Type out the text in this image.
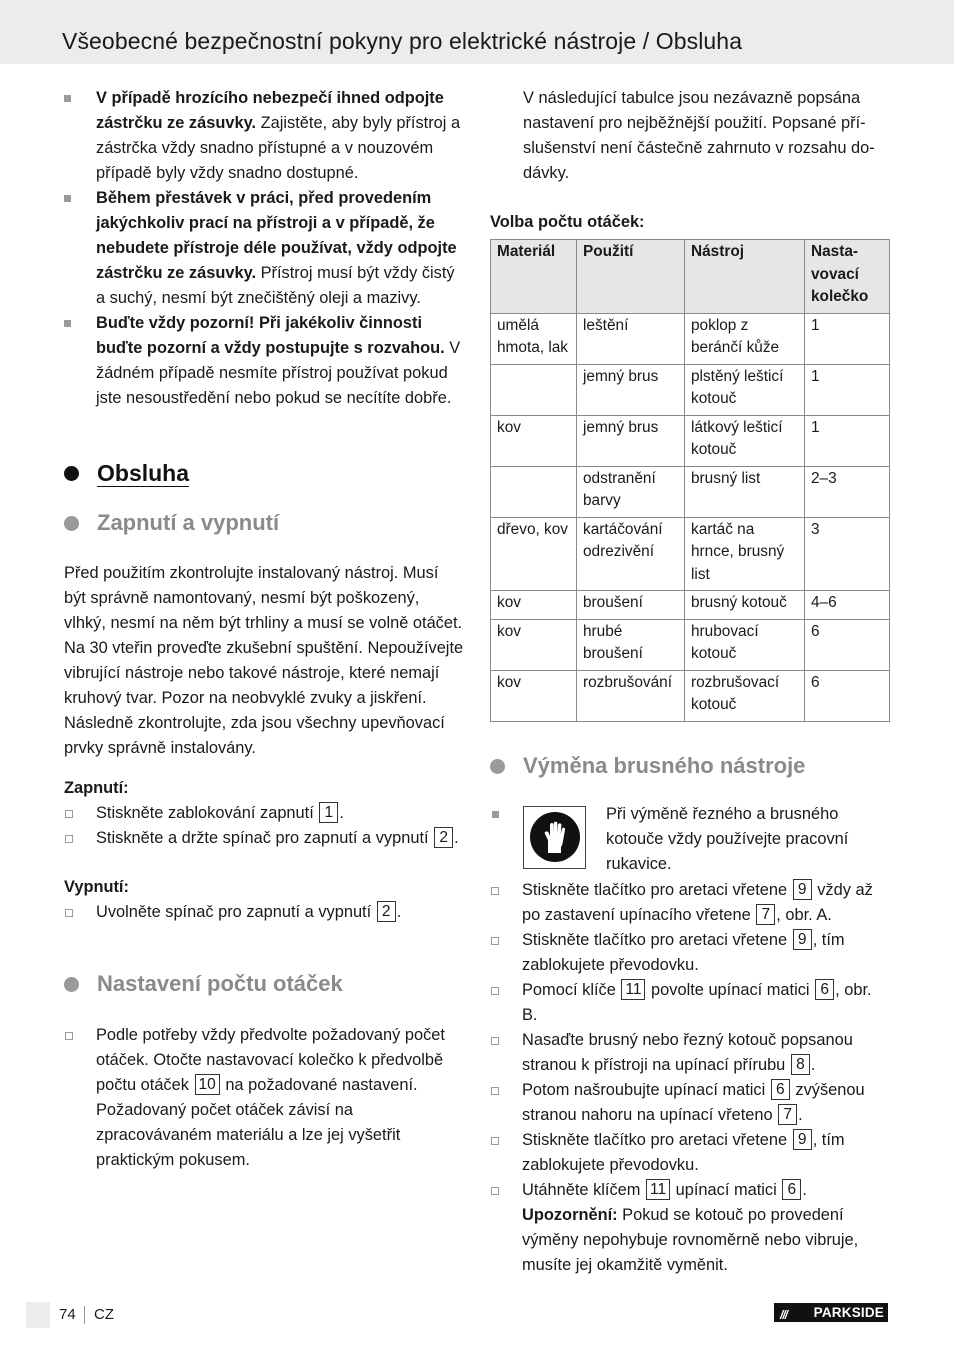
Všeobecné bezpečnostní pokyny pro elektrické nástroje / Obsluha
V případě hrozícího nebezpečí ihned odpojte zástrčku ze zásuvky. Zajistěte, aby byly přístroj a zástrčka vždy snadno přístupné a v nouzovém případě byly vždy snadno dostupné.
Během přestávek v práci, před provedením jakýchkoliv prací na přístroji a v případě, že nebudete přístroje déle používat, vždy odpojte zástrčku ze zásuvky. Přístroj musí být vždy čistý a suchý, nesmí být znečištěný oleji a mazivy.
Buďte vždy pozorní! Při jakékoliv činnosti buďte pozorní a vždy postupujte s rozvahou. V žádném případě nesmíte přístroj používat pokud jste nesoustředění nebo pokud se necítíte dobře.
Obsluha
Zapnutí a vypnutí
Před použitím zkontrolujte instalovaný nástroj. Musí být správně namontovaný, nesmí být poškozený, vlhký, nesmí na něm být trhliny a musí se volně otáčet. Na 30 vteřin proveďte zkušební spuštění. Nepoužívejte vibrující nástroje nebo takové nástroje, které nemají kruhový tvar. Pozor na neobvyklé zvuky a jiskření. Následně zkontrolujte, zda jsou všechny upevňovací prvky správně instalovány.
Zapnutí:
Stiskněte zablokování zapnutí 1 .
Stiskněte a držte spínač pro zapnutí a vypnutí 2 .
Vypnutí:
Uvolněte spínač pro zapnutí a vypnutí 2 .
Nastavení počtu otáček
Podle potřeby vždy předvolte požadovaný počet otáček. Otočte nastavovací kolečko k předvolbě počtu otáček 10 na požadované nastavení. Požadovaný počet otáček závisí na zpracovávaném materiálu a lze jej vyšetřit praktickým pokusem.
V následující tabulce jsou nezávazně popsána nastavení pro nejběžnější použití. Popsané příslušenství není částečně zahrnuto v rozsahu dodávky.
Volba počtu otáček:
Materiál	Použití	Nástroj	Nastavovací kolečko
umělá hmota, lak	leštění	poklop z beránčí kůže	1
	jemný brus	plstěný lešticí kotouč	1
kov	jemný brus	látkový lešticí kotouč	1
	odstranění barvy	brusný list	2–3
dřevo, kov	kartáčování odrezivění	kartáč na hrnce, brusný list	3
kov	broušení	brusný kotouč	4–6
kov	hrubé broušení	hrubovací kotouč	6
kov	rozbrušování	rozbrušovací kotouč	6
Výměna brusného nástroje
Při výměně řezného a brusného kotouče vždy používejte pracovní rukavice.
Stiskněte tlačítko pro aretaci vřetene 9 vždy až po zastavení upínacího vřetene 7 , obr. A.
Stiskněte tlačítko pro aretaci vřetene 9 , tím zablokujete převodovku.
Pomocí klíče 11 povolte upínací matici 6 , obr. B.
Nasaďte brusný nebo řezný kotouč popsanou stranou k přístroji na upínací přírubu 8 .
Potom našroubujte upínací matici 6 zvýšenou stranou nahoru na upínací vřeteno 7 .
Stiskněte tlačítko pro aretaci vřetene 9 , tím zablokujete převodovku.
Utáhněte klíčem 11 upínací matici 6 .
Upozornění: Pokud se kotouč po provedení výměny nepohybuje rovnoměrně nebo vibruje, musíte jej okamžitě vyměnit.
74 CZ	/// PARKSIDE
